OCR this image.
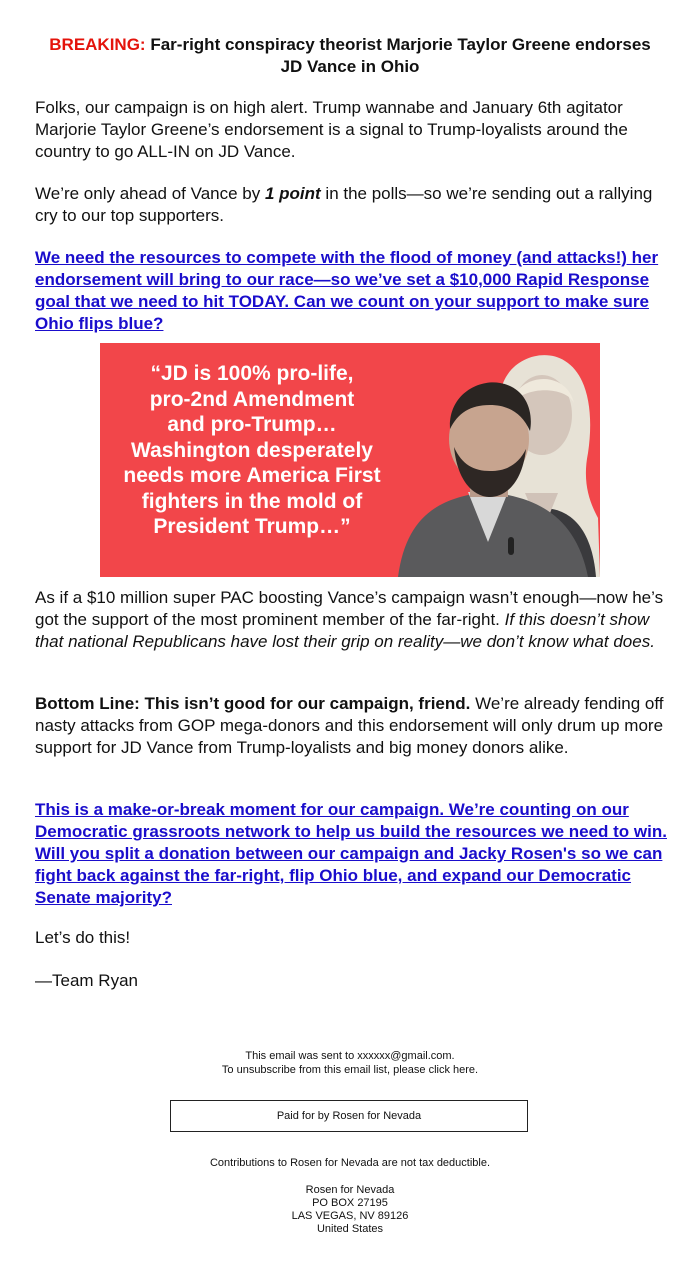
BREAKING: Far-right conspiracy theorist Marjorie Taylor Greene endorses JD Vance in Ohio

Folks, our campaign is on high alert. Trump wannabe and January 6th agitator Marjorie Taylor Greene’s endorsement is a signal to Trump-loyalists around the country to go ALL-IN on JD Vance.

We’re only ahead of Vance by 1 point in the polls—so we’re sending out a rallying cry to our top supporters.

We need the resources to compete with the flood of money (and attacks!) her endorsement will bring to our race—so we’ve set a $10,000 Rapid Response goal that we need to hit TODAY. Can we count on your support to make sure Ohio flips blue?

“JD is 100% pro-life,
pro-2nd Amendment
and pro-Trump…
Washington desperately
needs more America First
fighters in the mold of
President Trump…”

As if a $10 million super PAC boosting Vance’s campaign wasn’t enough—now he’s got the support of the most prominent member of the far-right. If this doesn’t show that national Republicans have lost their grip on reality—we don’t know what does.

Bottom Line: This isn’t good for our campaign, friend. We’re already fending off nasty attacks from GOP mega-donors and this endorsement will only drum up more support for JD Vance from Trump-loyalists and big money donors alike.

This is a make-or-break moment for our campaign. We’re counting on our Democratic grassroots network to help us build the resources we need to win. Will you split a donation between our campaign and Jacky Rosen's so we can fight back against the far-right, flip Ohio blue, and expand our Democratic Senate majority?

Let’s do this!

—Team Ryan

This email was sent to xxxxxx@gmail.com.
To unsubscribe from this email list, please click here.
Paid for by Rosen for Nevada
Contributions to Rosen for Nevada are not tax deductible.
Rosen for Nevada
PO BOX 27195
LAS VEGAS, NV 89126
United States
